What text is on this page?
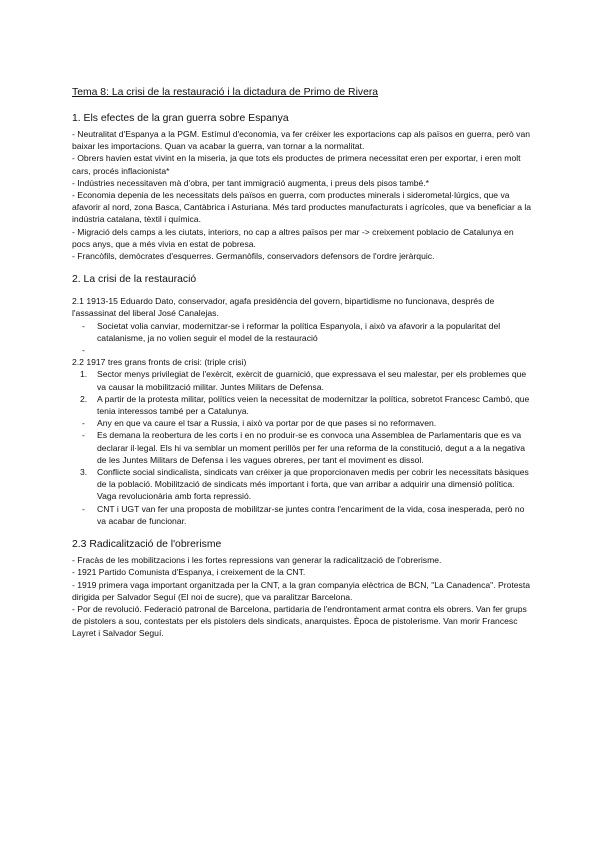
Tema 8: La crisi de la restauració i la dictadura de Primo de Rivera
1. Els efectes de la gran guerra sobre Espanya

- Neutralitat d'Espanya a la PGM. Estímul d'economia, va fer créixer les exportacions cap als països en guerra, però van baixar les importacions. Quan va acabar la guerra, van tornar a la normalitat.

- Obrers havien estat vivint en la miseria, ja que tots els productes de primera necessitat eren per exportar, i eren molt cars, procés inflacionista*

- Indústries necessitaven mà d'obra, per tant immigració augmenta, i preus dels pisos també.*

- Economia depenia de les necessitats dels països en guerra, com productes minerals i siderometal·lúrgics, que va afavorir al nord, zona Basca, Cantàbrica i Asturiana. Més tard productes manufacturats i agrícoles, que va beneficiar a la indústria catalana, tèxtil i química.

- Migració dels camps a les ciutats, interiors, no cap a altres països per mar -> creixement poblacio de Catalunya en pocs anys, que a més vivia en estat de pobresa.

- Francòfils, demòcrates d'esquerres. Germanòfils, conservadors defensors de l'ordre jeràrquic.

2. La crisi de la restauració

2.1 1913-15 Eduardo Dato, conservador, agafa presidència del govern, bipartidisme no funcionava, després de l'assassinat del liberal José Canalejas.

-	Societat volia canviar, modernitzar-se i reformar la política Espanyola, i això va afavorir a la popularitat del catalanisme, ja no volien seguir el model de la restauració
-

2.2 1917 tres grans fronts de crisi: (triple crisi)

1. Sector menys privilegiat de l'exèrcit, exèrcit de guarnició, que expressava el seu malestar, per els problemes que va causar la mobilització militar. Juntes Militars de Defensa.
2. A partir de la protesta militar, polítics veien la necessitat de modernitzar la política, sobretot Francesc Cambó, que tenia interessos també per a Catalunya.
-	Any en que va caure el tsar a Russia, i això va portar por de que pases si no reformaven.
-	Es demana la reobertura de les corts i en no produir-se es convoca una Assemblea de Parlamentaris que es va declarar il·legal. Els hi va semblar un moment perillós per fer una reforma de la constitució, degut a a la negativa de les Juntes Militars de Defensa i les vagues obreres, per tant el moviment es dissol.
3. Conflicte social sindicalista, sindicats van créixer ja que proporcionaven medis per cobrir les necessitats bàsiques de la població. Mobilització de sindicats més important i forta, que van arribar a adquirir una dimensió política. Vaga revolucionària amb forta repressió.
-	CNT i UGT van fer una proposta de mobilitzar-se juntes contra l'encariment de la vida, cosa inesperada, però no va acabar de funcionar.
2.3 Radicalització de l'obrerisme

- Fracàs de les mobilitzacions i les fortes repressions van generar la radicalització de l'obrerisme.

- 1921 Partido Comunista d'Espanya, i creixement de la CNT.

- 1919 primera vaga important organitzada per la CNT, a la gran companyia elèctrica de BCN, "La Canadenca". Protesta dirigida per Salvador Seguí (El noi de sucre), que va paralitzar Barcelona.

- Por de revolució. Federació patronal de Barcelona, partidaria de l'endrontament armat contra els obrers. Van fer grups de pistolers a sou, contestats per els pistolers dels sindicats, anarquistes. Època de pistolerisme. Van morir Francesc Layret i Salvador Seguí.
